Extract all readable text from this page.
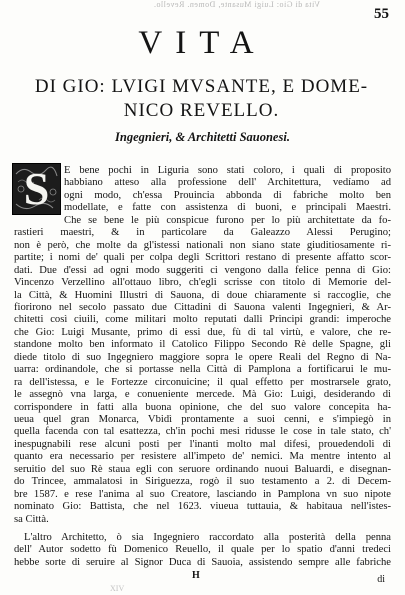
Vita di Gio: Luigi Musante, Domen. Revello.
55
VITA
DI GIO: LVIGI MVSANTE, E DOME-
NICO REVELLO.
Ingegnieri, & Architetti Sauonesi.
S	E bene pochi in Liguria sono stati coloro, i quali di proposito
habbiano atteso alla professione dell' Architettura, vedíamo ad
ogni modo, ch'essa Prouincia abbonda di fabriche molto ben
modellate, e fatte con assistenza di buoni, e principali Maestri.
Che se bene le più conspicue furono per lo più architettate da fo-
rastieri maestri, & in particolare da Galeazzo Alessi Perugino;
non è però, che molte da gl'istessi nationali non siano state giuditiosamente ri-
partite; i nomi de' quali per colpa degli Scrittori restano di presente affatto scor-
dati. Due d'essi ad ogni modo suggeriti ci vengono dalla felice penna di Gio:
Vincenzo Verzellino all'ottauo libro, ch'egli scrisse con titolo di Memorie del-
la Città, & Huomini Illustri di Sauona, di doue chiaramente si raccoglie, che
fiorirono nel secolo passato due Cittadini di Sauona valenti Ingegnieri, & Ar-
chitetti così ciuili, come militari molto reputati dalli Principi grandi: imperoche
che Gio: Luigi Musante, primo di essi due, fù di tal virtù, e valore, che re-
standone molto ben informato il Catolico Filippo Secondo Rè delle Spagne, gli
diede titolo di suo Ingegniero maggiore sopra le opere Reali del Regno di Na-
uarra: ordinandole, che si portasse nella Città di Pamplona a fortificarui le mu-
ra dell'istessa, e le Fortezze circonuicine; il qual effetto per mostrarsele grato,
le assegnò vna larga, e conueniente mercede. Mà Gio: Luigi, desiderando di
corrispondere in fatti alla buona opinione, che del suo valore concepita ha-
ueua quel gran Monarca, Vbidì prontamente a suoi cenni, e s'impiegò in
quella facenda con tal esattezza, ch'in pochi mesi ridusse le cose in tale stato, ch'
inespugnabili rese alcuni posti per l'inanti molto mal difesi, prouedendoli di
quanto era necessario per resistere all'impeto de' nemici. Ma mentre intento al
seruitio del suo Rè staua egli con seruore ordinando nuoui Baluardi, e disegnan-
do Trincee, ammalatosi in Siriguezza, rogò il suo testamento a 2. di Decem-
bre 1587. e rese l'anima al suo Creatore, lasciando in Pamplona vn suo nipote
nominato Gio: Battista, che nel 1623. viueua tuttauia, & habitaua nell'istes-
sa Città.
L'altro Architetto, ò sia Ingegniero raccordato alla posterità della penna
dell' Autor sodetto fù Domenico Reuello, il quale per lo spatio d'anni tredeci
hebbe sorte di seruire al Signor Duca di Sauoia, assistendo sempre alle fabriche
H	di
XIV
